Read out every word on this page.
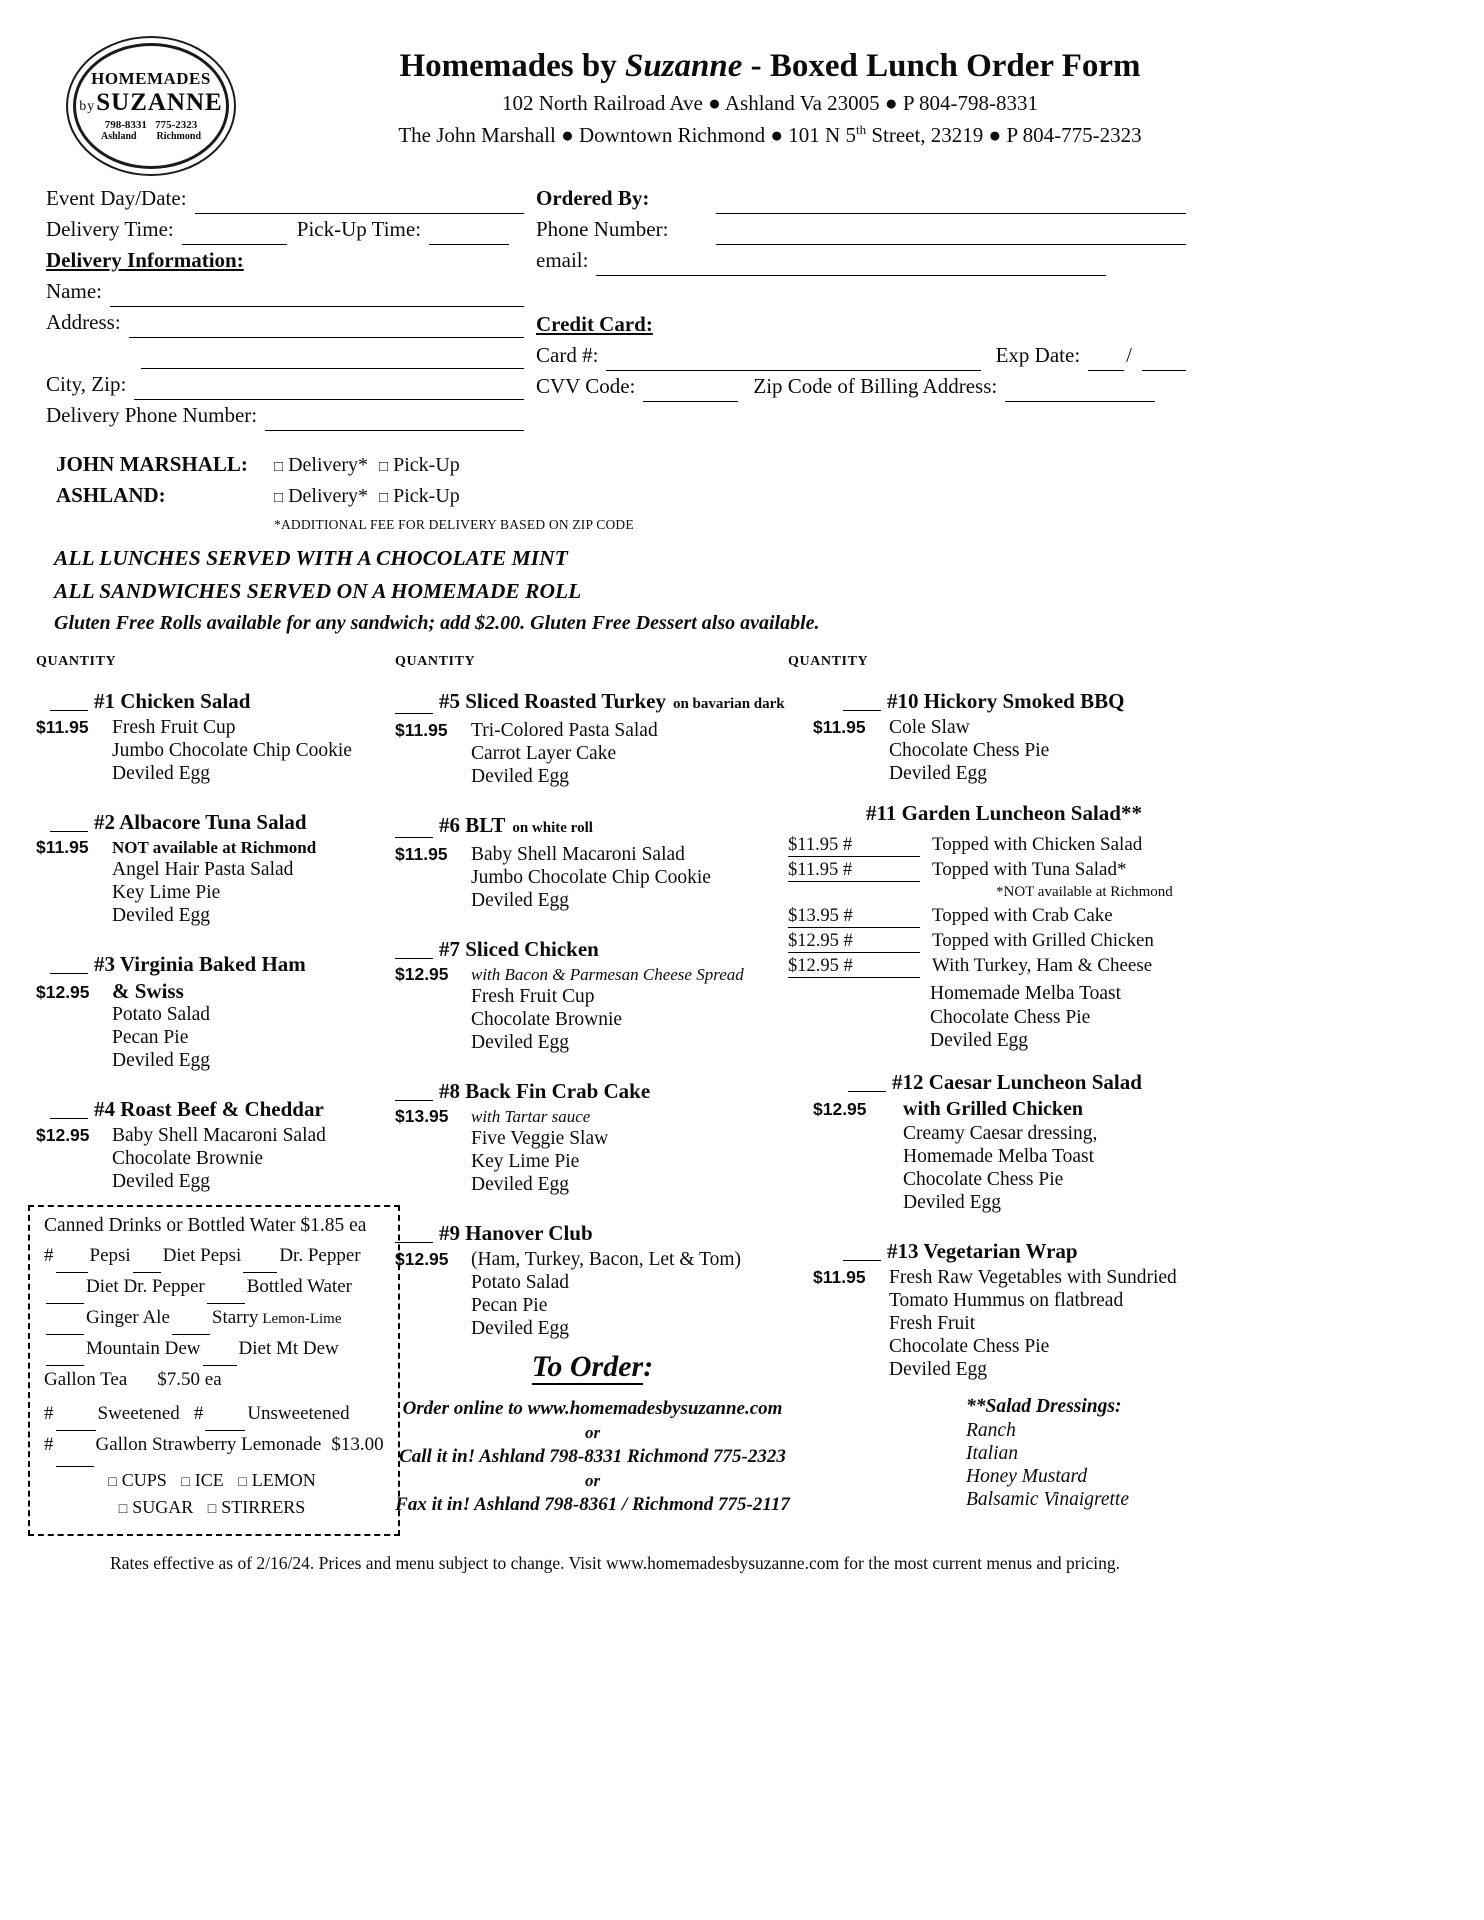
HOMEMADES
bySUZANNE
798-8331   775-2323
Ashland        Richmond
Homemades by Suzanne - Boxed Lunch Order Form
102 North Railroad Ave ● Ashland Va 23005 ● P 804-798-8331
The John Marshall ● Downtown Richmond ● 101 N 5th Street, 23219 ● P 804-775-2323
Event Day/Date:
Delivery Time:	Pick-Up Time:
Delivery Information:
Name:
Address:
City, Zip:
Delivery Phone Number:
Ordered By:
Phone Number:
email:
Credit Card:
Card #:	Exp Date: /
CVV Code:	Zip Code of Billing Address:
JOHN MARSHALL:	□ Delivery* □ Pick-Up
ASHLAND:	□ Delivery* □ Pick-Up
*ADDITIONAL FEE FOR DELIVERY BASED ON ZIP CODE
ALL LUNCHES SERVED WITH A CHOCOLATE MINT
ALL SANDWICHES SERVED ON A HOMEMADE ROLL
Gluten Free Rolls available for any sandwich; add $2.00. Gluten Free Dessert also available.
QUANTITY
#1 Chicken Salad
$11.95	Fresh Fruit Cup
Jumbo Chocolate Chip Cookie
Deviled Egg
#2 Albacore Tuna Salad
$11.95	NOT available at Richmond
Angel Hair Pasta Salad
Key Lime Pie
Deviled Egg
#3 Virginia Baked Ham
$12.95	& Swiss
Potato Salad
Pecan Pie
Deviled Egg
#4 Roast Beef & Cheddar
$12.95	Baby Shell Macaroni Salad
Chocolate Brownie
Deviled Egg
Canned Drinks or Bottled Water $1.85 ea
# Pepsi Diet Pepsi Dr. Pepper
Diet Dr. Pepper Bottled Water
Ginger Ale Starry Lemon-Lime
Mountain Dew Diet Mt Dew
Gallon Tea $7.50 ea
# Sweetened # Unsweetened
# Gallon Strawberry Lemonade $13.00
□ CUPS □ ICE □ LEMON
□ SUGAR □ STIRRERS
QUANTITY
#5 Sliced Roasted Turkey on bavarian dark
$11.95	Tri-Colored Pasta Salad
Carrot Layer Cake
Deviled Egg
#6 BLT on white roll
$11.95	Baby Shell Macaroni Salad
Jumbo Chocolate Chip Cookie
Deviled Egg
#7 Sliced Chicken
$12.95	with Bacon & Parmesan Cheese Spread
Fresh Fruit Cup
Chocolate Brownie
Deviled Egg
#8 Back Fin Crab Cake
$13.95	with Tartar sauce
Five Veggie Slaw
Key Lime Pie
Deviled Egg
#9 Hanover Club
$12.95	(Ham, Turkey, Bacon, Let & Tom)
Potato Salad
Pecan Pie
Deviled Egg
To Order:
Order online to www.homemadesbysuzanne.com
or
Call it in! Ashland 798-8331 Richmond 775-2323
or
Fax it in! Ashland 798-8361 / Richmond 775-2117
QUANTITY
#10 Hickory Smoked BBQ
$11.95	Cole Slaw
Chocolate Chess Pie
Deviled Egg
#11 Garden Luncheon Salad**
$11.95 #	Topped with Chicken Salad
$11.95 #	Topped with Tuna Salad*
*NOT available at Richmond
$13.95 #	Topped with Crab Cake
$12.95 #	Topped with Grilled Chicken
$12.95 #	With Turkey, Ham & Cheese
Homemade Melba Toast
Chocolate Chess Pie
Deviled Egg
#12 Caesar Luncheon Salad
$12.95	with Grilled Chicken
Creamy Caesar dressing,
Homemade Melba Toast
Chocolate Chess Pie
Deviled Egg
#13 Vegetarian Wrap
$11.95	Fresh Raw Vegetables with Sundried
Tomato Hummus on flatbread
Fresh Fruit
Chocolate Chess Pie
Deviled Egg
**Salad Dressings:
Ranch
Italian
Honey Mustard
Balsamic Vinaigrette
Rates effective as of 2/16/24. Prices and menu subject to change. Visit www.homemadesbysuzanne.com for the most current menus and pricing.
